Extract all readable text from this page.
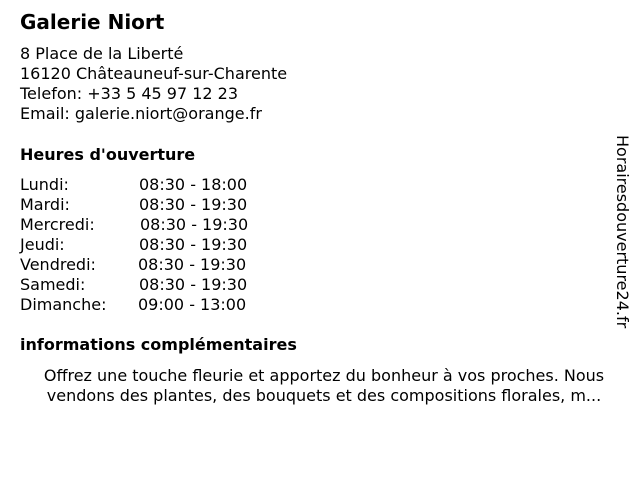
Galerie Niort
8 Place de la Liberté
16120 Châteauneuf-sur-Charente
Telefon: +33 5 45 97 12 23
Email: galerie.niort@orange.fr
Heures d'ouverture
Lundi:	08:30 - 18:00
Mardi:	08:30 - 19:30
Mercredi:	08:30 - 19:30
Jeudi:	08:30 - 19:30
Vendredi:	08:30 - 19:30
Samedi:	08:30 - 19:30
Dimanche: 09:00 - 13:00
informations complémentaires
Offrez une touche fleurie et apportez du bonheur à vos proches. Nous
vendons des plantes, des bouquets et des compositions florales, m...
Horairesdouverture24.fr
